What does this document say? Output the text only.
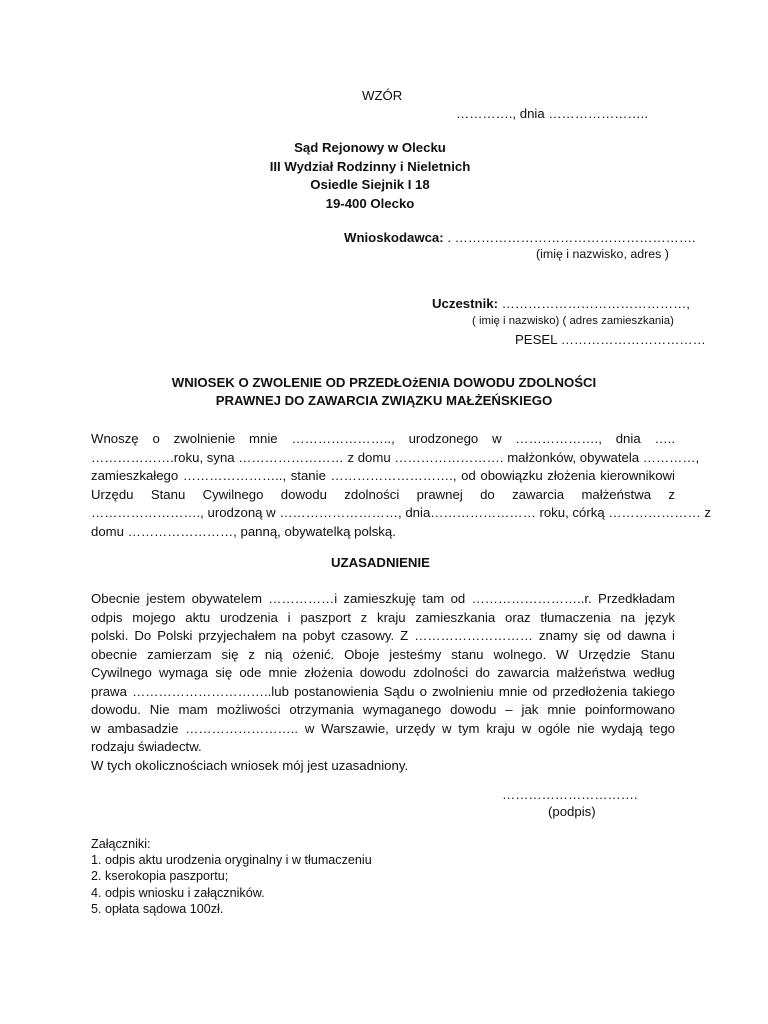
WZÓR
…………., dnia …………………..
Sąd Rejonowy w Olecku
III Wydział Rodzinny i Nieletnich
Osiedle Siejnik I 18
19-400 Olecko
Wnioskodawca: . ……………………………………………….
(imię i nazwisko, adres )
Uczestnik: ……………………………………,
( imię i nazwisko) ( adres zamieszkania)
PESEL ……………………………
WNIOSEK O ZWOLENIE OD PRZEDŁOżENIA DOWODU ZDOLNOŚCI
PRAWNEJ DO ZAWARCIA ZWIĄZKU MAŁŻEŃSKIEGO
Wnoszę o zwolnienie mnie ………………….., urodzonego w ………………., dnia …..
……………….roku, syna …………………… z domu ……………………. małżonków, obywatela …………,
zamieszkałego ………………….., stanie ………………………., od obowiązku złożenia kierownikowi
Urzędu Stanu Cywilnego dowodu zdolności prawnej do zawarcia małżeństwa z
……………………., urodzoną w ………………………, dnia…………………… roku, córką ………………… z
domu ……………………, panną, obywatelką polską.
UZASADNIENIE
Obecnie jestem obywatelem ……………i zamieszkuję tam od ……………………..r. Przedkładam
odpis mojego aktu urodzenia i paszport z kraju zamieszkania oraz tłumaczenia na język
polski. Do Polski przyjechałem na pobyt czasowy. Z ……………………… znamy się od dawna i
obecnie zamierzam się z nią ożenić. Oboje jesteśmy stanu wolnego. W Urzędzie Stanu
Cywilnego wymaga się ode mnie złożenia dowodu zdolności do zawarcia małżeństwa według
prawa …………………………..lub postanowienia Sądu o zwolnieniu mnie od przedłożenia takiego
dowodu. Nie mam możliwości otrzymania wymaganego dowodu – jak mnie poinformowano
w ambasadzie …………………….. w Warszawie, urzędy w tym kraju w ogóle nie wydają tego
rodzaju świadectw.
W tych okolicznościach wniosek mój jest uzasadniony.
………………………….
(podpis)
Załączniki:
1. odpis aktu urodzenia oryginalny i w tłumaczeniu
2. kserokopia paszportu;
4. odpis wniosku i załączników.
5. opłata sądowa 100zł.
